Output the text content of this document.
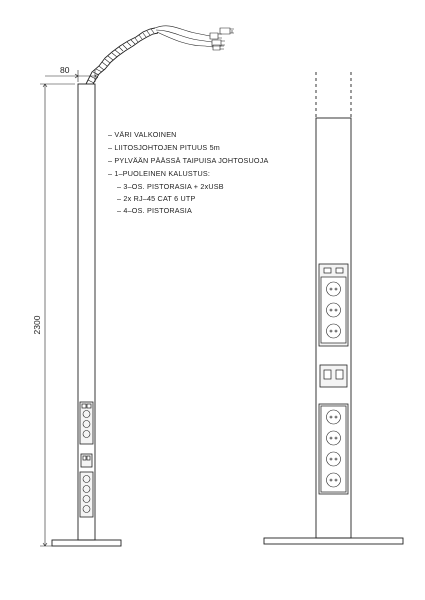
80
2300
– VÄRI VALKOINEN
– LIITOSJOHTOJEN PITUUS 5m
– PYLVÄÄN PÄÄSSÄ TAIPUISA JOHTOSUOJA
– 1–PUOLEINEN KALUSTUS:
– 3–OS. PISTORASIA + 2xUSB
– 2x RJ–45 CAT 6 UTP
– 4–OS. PISTORASIA
